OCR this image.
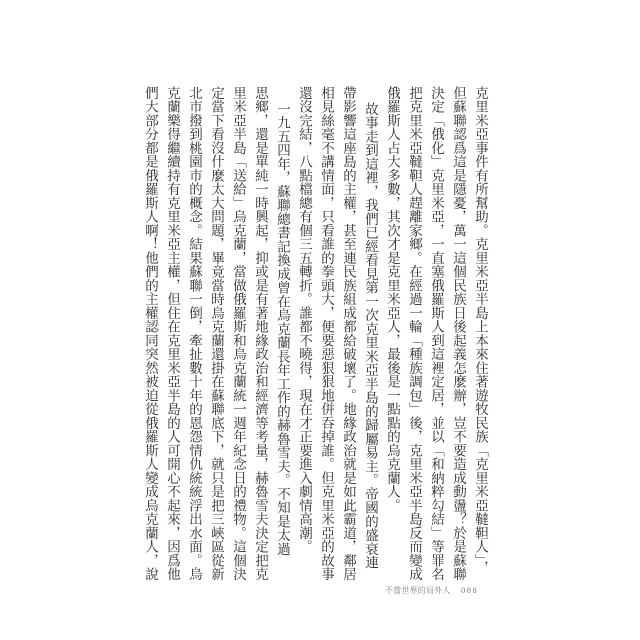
克里米亞事件有所幫助。克里米亞半島上本來住著遊牧民族「克里米亞韃靼人」，
但蘇聯認爲這是隱憂，萬一這個民族日後起義怎麼辦，豈不要造成動盪？於是蘇聯
決定「俄化」克里米亞，一直塞俄羅斯人到這裡定居，並以「和納粹勾結」等罪名
把克里米亞韃靼人趕離家鄉。在經過一輪「種族調包」後，克里米亞半島反而變成
俄羅斯人占大多數，其次才是克里米亞人，最後是一點點的烏克蘭人。
故事走到這裡，我們已經看見第一次克里米亞半島的歸屬易主。帝國的盛衰連
帶影響這座島的主權，甚至連民族組成都給破壞了。地緣政治就是如此霸道，鄰居
相見絲毫不講情面，只看誰的拳頭大，便要惡狠狠地併吞掉誰。但克里米亞的故事
還沒完結，八點檔總有個三五轉折。誰都不曉得，現在才正要進入劇情高潮。
一九五四年，蘇聯總書記換成曾在烏克蘭長年工作的赫魯雪夫。不知是太過
思鄉，還是單純一時興起，抑或是有著地緣政治和經濟等考量，赫魯雪夫決定把克
里米亞半島「送給」烏克蘭，當做俄羅斯和烏克蘭統一週年紀念日的禮物。這個決
定當下看沒什麼太大問題，畢竟當時烏克蘭還掛在蘇聯底下，就只是把三峽區從新
北市撥到桃園市的概念。結果蘇聯一倒，牽扯數十年的恩怨情仇統統浮出水面。烏
克蘭樂得繼續持有克里米亞主權，但住在克里米亞半島的人可開心不起來，因爲他
們大部分都是俄羅斯人啊！他們的主權認同突然被迫從俄羅斯人變成烏克蘭人，說
不當世界的局外人 088
